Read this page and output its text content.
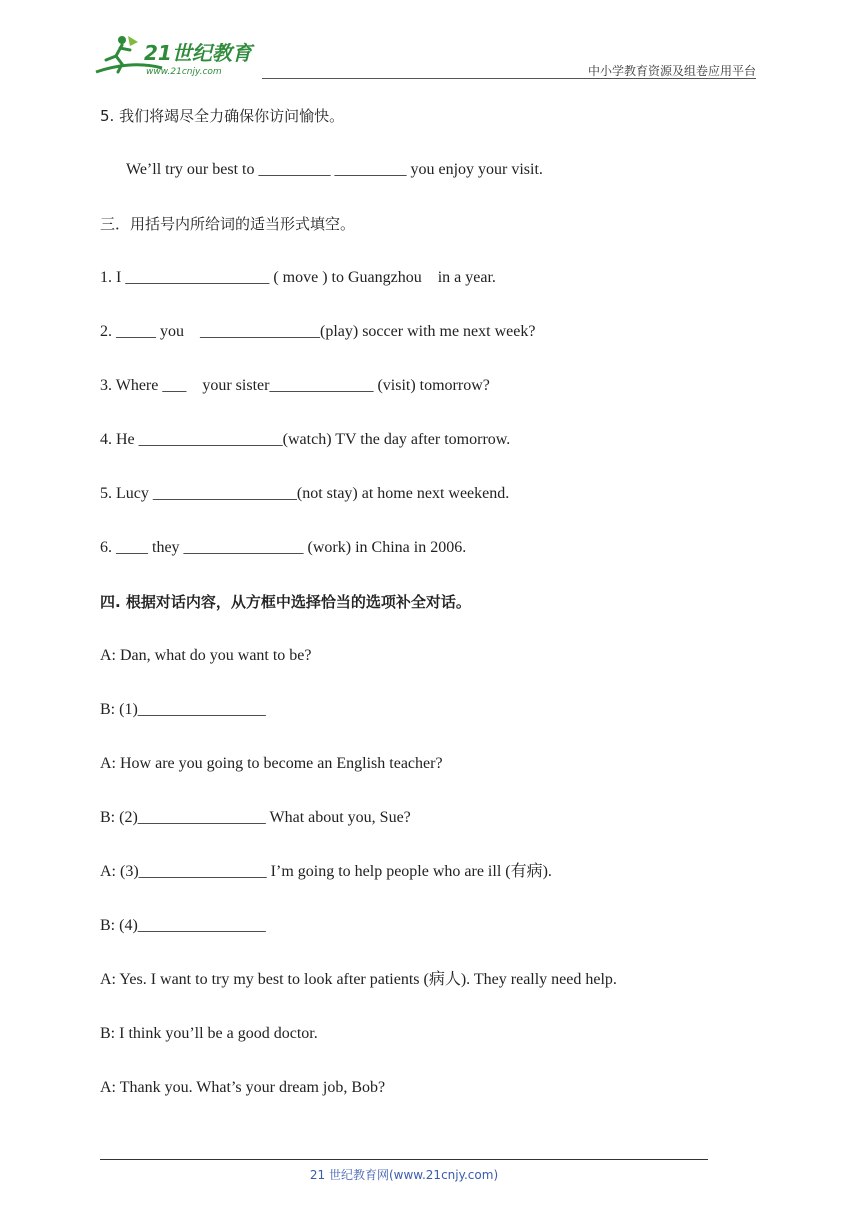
21世纪教育
www.21cnjy.com	中小学教育资源及组卷应用平台
5. 我们将竭尽全力确保你访问愉快。
We’ll try our best to _________ _________ you enjoy your visit.
三．用括号内所给词的适当形式填空。
1. I __________________ ( move ) to Guangzhou    in a year.
2. _____ you    _______________(play) soccer with me next week?
3. Where ___    your sister_____________ (visit) tomorrow?
4. He __________________(watch) TV the day after tomorrow.
5. Lucy __________________(not stay) at home next weekend.
6. ____ they _______________ (work) in China in 2006.
四. 根据对话内容，从方框中选择恰当的选项补全对话。
A: Dan, what do you want to be?
B: (1)________________
A: How are you going to become an English teacher?
B: (2)________________ What about you, Sue?
A: (3)________________ I’m going to help people who are ill (有病).
B: (4)________________
A: Yes. I want to try my best to look after patients (病人). They really need help.
B: I think you’ll be a good doctor.
A: Thank you. What’s your dream job, Bob?
21 世纪教育网(www.21cnjy.com)
